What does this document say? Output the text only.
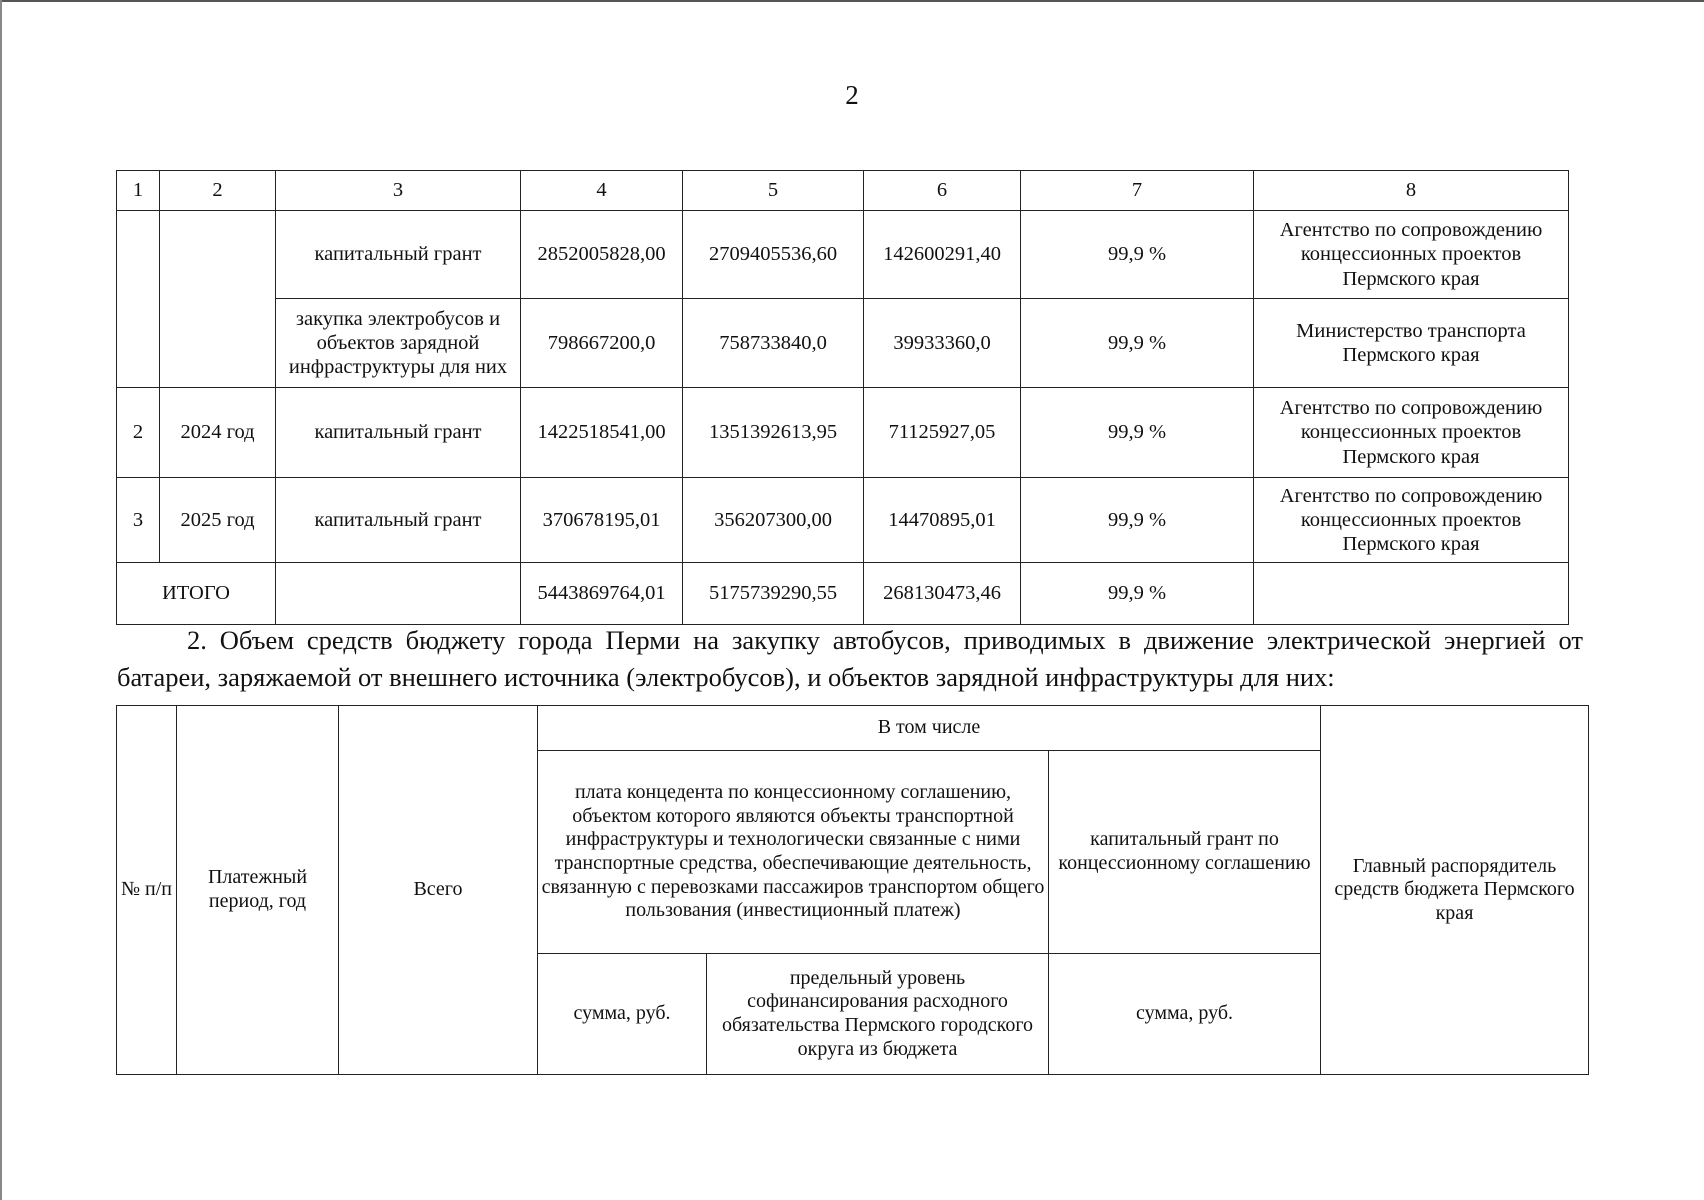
2
1	2	3	4	5	6	7	8
		капитальный грант	2852005828,00	2709405536,60	142600291,40	99,9 %	Агентство по сопровождению концессионных проектов Пермского края
		закупка электробусов и объектов зарядной инфраструктуры для них	798667200,0	758733840,0	39933360,0	99,9 %	Министерство транспорта Пермского края
2	2024 год	капитальный грант	1422518541,00	1351392613,95	71125927,05	99,9 %	Агентство по сопровождению концессионных проектов Пермского края
3	2025 год	капитальный грант	370678195,01	356207300,00	14470895,01	99,9 %	Агентство по сопровождению концессионных проектов Пермского края
ИТОГО			5443869764,01	5175739290,55	268130473,46	99,9 %	
2. Объем средств бюджету города Перми на закупку автобусов, приводимых в движение электрической энергией от батареи, заряжаемой от внешнего источника (электробусов), и объектов зарядной инфраструктуры для них:
№ п/п	Платежный период, год	Всего	В том числе			Главный распорядитель средств бюджета Пермского края
			плата концедента по концессионному соглашению, объектом которого являются объекты транспортной инфраструктуры и технологически связанные с ними транспортные средства, обеспечивающие деятельность, связанную с перевозками пассажиров транспортом общего пользования (инвестиционный платеж)		капитальный грант по концессионному соглашению	
			сумма, руб.	предельный уровень софинансирования расходного обязательства Пермского городского округа из бюджета	сумма, руб.	
